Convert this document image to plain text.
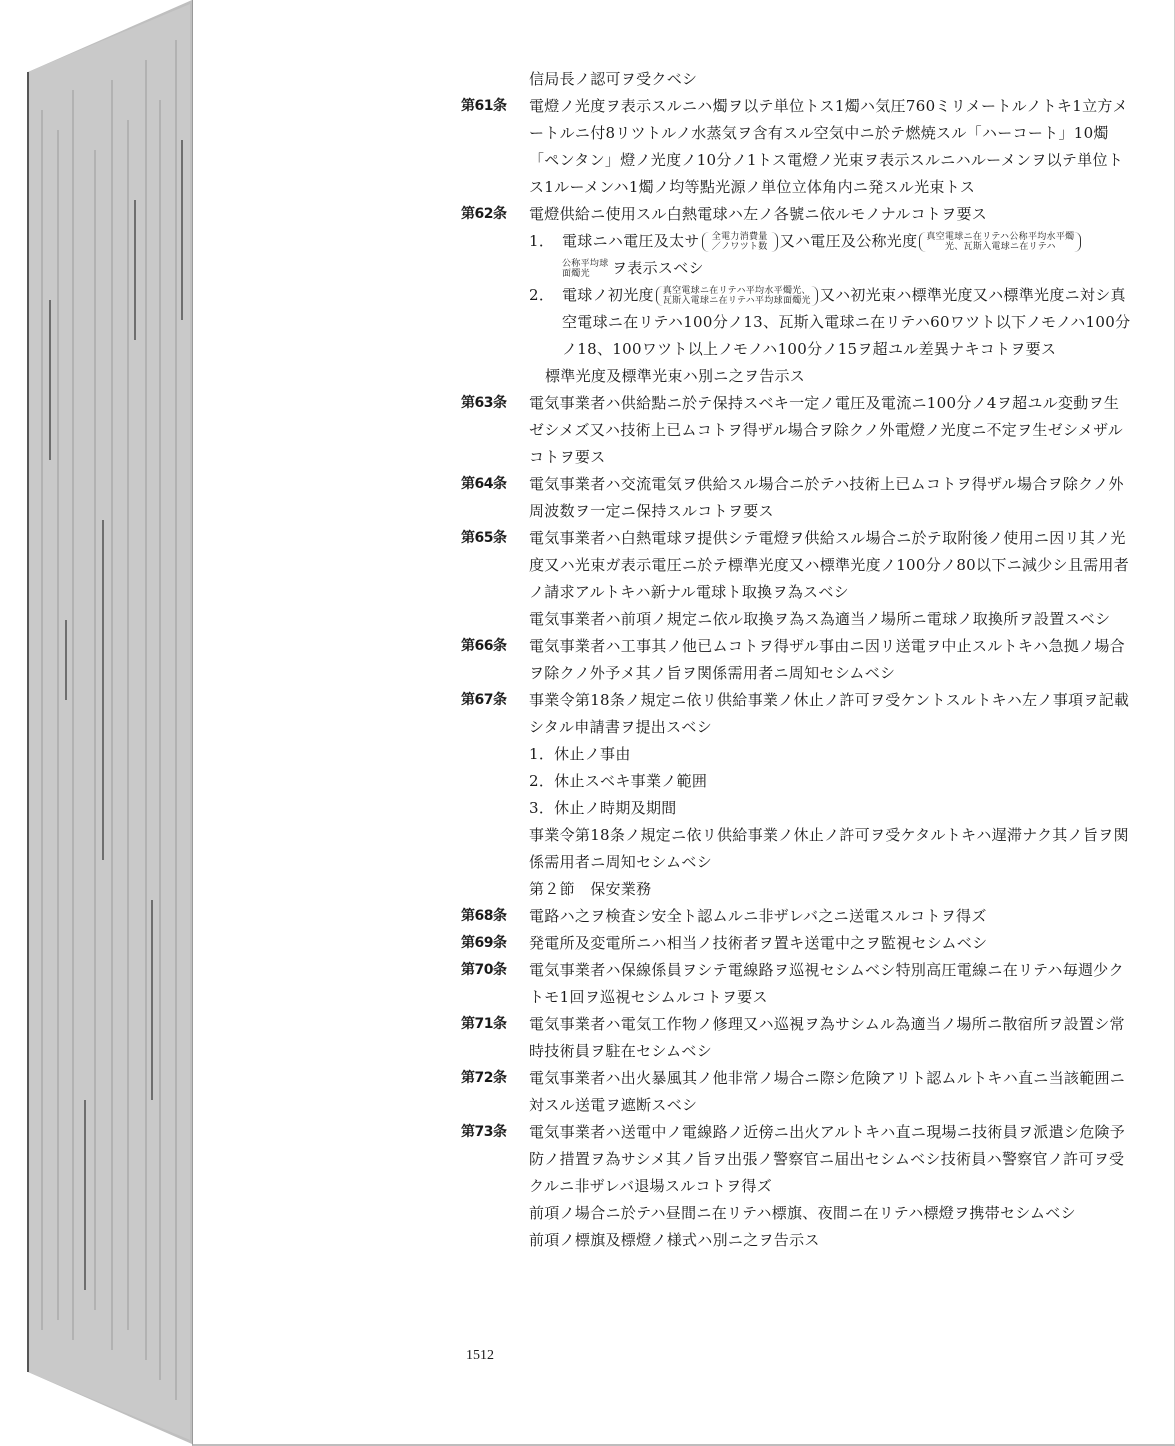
信局長ノ認可ヲ受クベシ
第61条	電燈ノ光度ヲ表示スルニハ燭ヲ以テ単位トス1燭ハ気圧760ミリメートルノトキ1立方メートルニ付8リツトルノ水蒸気ヲ含有スル空気中ニ於テ燃焼スル「ハーコート」10燭「ペンタン」燈ノ光度ノ10分ノ1トス電燈ノ光束ヲ表示スルニハルーメンヲ以テ単位トス1ルーメンハ1燭ノ均等點光源ノ単位立体角内ニ発スル光束トス
第62条	電燈供給ニ使用スル白熱電球ハ左ノ各號ニ依ルモノナルコトヲ要ス
1． 電球ニハ電圧及太サ 全電力消費量／ノワツト数 又ハ電圧及公称光度 真空電球ニ在リテハ公称平均水平燭光、瓦斯入電球ニ在リテハ
公称平均球面燭光 ヲ表示スベシ
2． 電球ノ初光度 真空電球ニ在リテハ平均水平燭光、瓦斯入電球ニ在リテハ平均球面燭光 又ハ初光束ハ標準光度又ハ標準光度ニ対シ真空電球ニ在リテハ100分ノ13、瓦斯入電球ニ在リテハ60ワツト以下ノモノハ100分ノ18、100ワツト以上ノモノハ100分ノ15ヲ超ユル差異ナキコトヲ要ス
標準光度及標準光束ハ別ニ之ヲ告示ス
第63条	電気事業者ハ供給點ニ於テ保持スベキ一定ノ電圧及電流ニ100分ノ4ヲ超ユル変動ヲ生ゼシメズ又ハ技術上已ムコトヲ得ザル場合ヲ除クノ外電燈ノ光度ニ不定ヲ生ゼシメザルコトヲ要ス
第64条	電気事業者ハ交流電気ヲ供給スル場合ニ於テハ技術上已ムコトヲ得ザル場合ヲ除クノ外周波数ヲ一定ニ保持スルコトヲ要ス
第65条	電気事業者ハ白熱電球ヲ提供シテ電燈ヲ供給スル場合ニ於テ取附後ノ使用ニ因リ其ノ光度又ハ光束ガ表示電圧ニ於テ標準光度又ハ標準光度ノ100分ノ80以下ニ減少シ且需用者ノ請求アルトキハ新ナル電球ト取換ヲ為スベシ
電気事業者ハ前項ノ規定ニ依ル取換ヲ為ス為適当ノ場所ニ電球ノ取換所ヲ設置スベシ
第66条	電気事業者ハ工事其ノ他已ムコトヲ得ザル事由ニ因リ送電ヲ中止スルトキハ急拠ノ場合ヲ除クノ外予メ其ノ旨ヲ関係需用者ニ周知セシムベシ
第67条	事業令第18条ノ規定ニ依リ供給事業ノ休止ノ許可ヲ受ケントスルトキハ左ノ事項ヲ記載シタル申請書ヲ提出スベシ
1．休止ノ事由
2．休止スベキ事業ノ範囲
3．休止ノ時期及期間
事業令第18条ノ規定ニ依リ供給事業ノ休止ノ許可ヲ受ケタルトキハ遅滞ナク其ノ旨ヲ関係需用者ニ周知セシムベシ
第２節　保安業務
第68条	電路ハ之ヲ検査シ安全ト認ムルニ非ザレバ之ニ送電スルコトヲ得ズ
第69条	発電所及変電所ニハ相当ノ技術者ヲ置キ送電中之ヲ監視セシムベシ
第70条	電気事業者ハ保線係員ヲシテ電線路ヲ巡視セシムベシ特別高圧電線ニ在リテハ毎週少クトモ1回ヲ巡視セシムルコトヲ要ス
第71条	電気事業者ハ電気工作物ノ修理又ハ巡視ヲ為サシムル為適当ノ場所ニ散宿所ヲ設置シ常時技術員ヲ駐在セシムベシ
第72条	電気事業者ハ出火暴風其ノ他非常ノ場合ニ際シ危険アリト認ムルトキハ直ニ当該範囲ニ対スル送電ヲ遮断スベシ
第73条	電気事業者ハ送電中ノ電線路ノ近傍ニ出火アルトキハ直ニ現場ニ技術員ヲ派遣シ危険予防ノ措置ヲ為サシメ其ノ旨ヲ出張ノ警察官ニ届出セシムベシ技術員ハ警察官ノ許可ヲ受クルニ非ザレバ退場スルコトヲ得ズ
前項ノ場合ニ於テハ昼間ニ在リテハ標旗、夜間ニ在リテハ標燈ヲ携帯セシムベシ
前項ノ標旗及標燈ノ様式ハ別ニ之ヲ告示ス
1512
